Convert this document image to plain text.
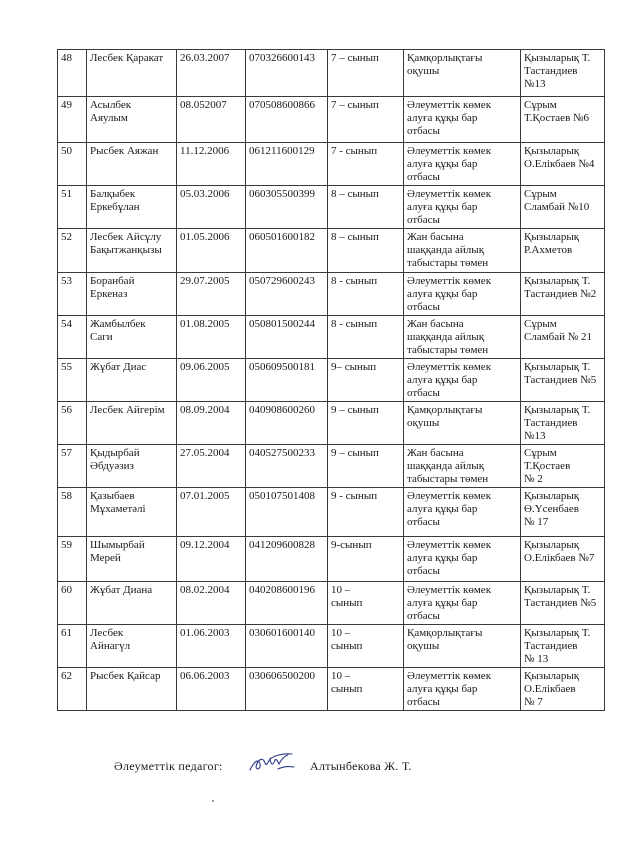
48	Лесбек Қаракат	26.03.2007	070326600143	7 – сынып	Қамқорлықтағы
оқушы	Қызыларық Т.
Тастандиев
№13
49	Асылбек
Аяулым	08.052007	070508600866	7 – сынып	Әлеуметтік көмек
алуға құқы бар
отбасы	Сұрым
Т.Қостаев №6
50	Рысбек Аяжан	11.12.2006	061211600129	7 - сынып	Әлеуметтік көмек
алуға құқы бар
отбасы	Қызыларық
О.Елікбаев №4
51	Балқыбек
Еркебұлан	05.03.2006	060305500399	8 – сынып	Әлеуметтік көмек
алуға құқы бар
отбасы	Сұрым
Сламбай №10
52	Лесбек Айсұлу
Бақытжанқызы	01.05.2006	060501600182	8 – сынып	Жан басына
шаққанда айлық
табыстары төмен	Қызыларық
Р.Ахметов
53	Боранбай
Еркеназ	29.07.2005	050729600243	8 - сынып	Әлеуметтік көмек
алуға құқы бар
отбасы	Қызыларық Т.
Тастандиев №2
54	Жамбылбек
Саги	01.08.2005	050801500244	8 - сынып	Жан басына
шаққанда айлық
табыстары төмен	Сұрым
Сламбай № 21
55	Жұбат Диас	09.06.2005	050609500181	9– сынып	Әлеуметтік көмек
алуға құқы бар
отбасы	Қызыларық Т.
Тастандиев №5
56	Лесбек Айгерім	08.09.2004	040908600260	9 – сынып	Қамқорлықтағы
оқушы	Қызыларық Т.
Тастандиев
№13
57	Қыдырбай
Әбдуәзиз	27.05.2004	040527500233	9 – сынып	Жан басына
шаққанда айлық
табыстары төмен	Сұрым
Т.Қостаев
№ 2
58	Қазыбаев
Мұхаметәлі	07.01.2005	050107501408	9 - сынып	Әлеуметтік көмек
алуға құқы бар
отбасы	Қызыларық
Ө.Үсенбаев
№ 17
59	Шымырбай
Мерей	09.12.2004	041209600828	9-сынып	Әлеуметтік көмек
алуға құқы бар
отбасы	Қызыларық
О.Елікбаев №7
60	Жұбат Диана	08.02.2004	040208600196	10 –
сынып	Әлеуметтік көмек
алуға құқы бар
отбасы	Қызыларық Т.
Тастандиев №5
61	Лесбек
Айнагүл	01.06.2003	030601600140	10 –
сынып	Қамқорлықтағы
оқушы	Қызыларық Т.
Тастандиев
№ 13
62	Рысбек Қайсар	06.06.2003	030606500200	10 –
сынып	Әлеуметтік көмек
алуға құқы бар
отбасы	Қызыларық
О.Елікбаев
№ 7
Әлеуметтік педагог:	Алтынбекова Ж. Т.
